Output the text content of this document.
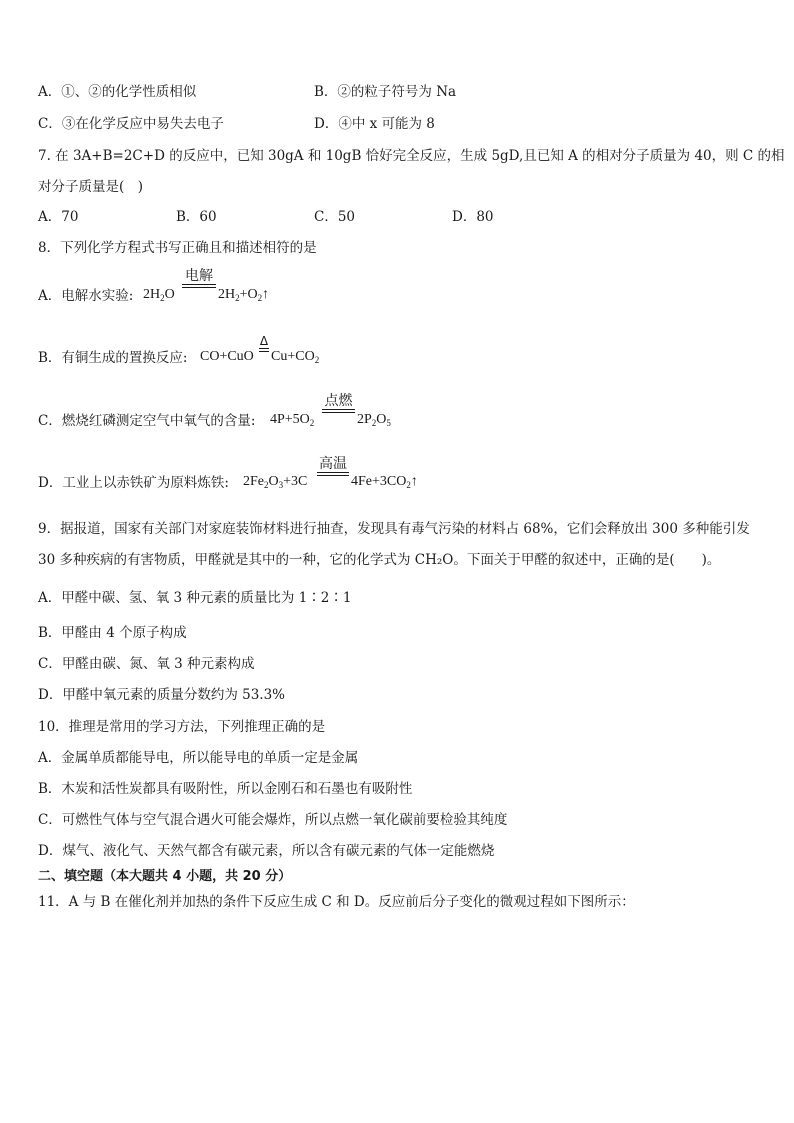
A．①、②的化学性质相似	B．②的粒子符号为 Na
C．③在化学反应中易失去电子	D．④中 x 可能为 8
7. 在 3A+B=2C+D 的反应中，已知 30gA 和 10gB 恰好完全反应，生成 5gD,且已知 A 的相对分子质量为 40，则 C 的相
对分子质量是(　)
A．70	B．60	C．50	D．80
8．下列化学方程式书写正确且和描述相符的是
A．电解水实验: $2H_2O$
电解
$2H_2+O_2↑$
B．有铜生成的置换反应: CO+CuO
Δ
$Cu+CO_2$
C．燃烧红磷测定空气中氧气的含量: $4P+5O_2$
点燃
$2P_2O_5$
D．工业上以赤铁矿为原料炼铁: $2Fe_2O_3+3C$
高温
$4Fe+3CO_2↑$
9．据报道，国家有关部门对家庭装饰材料进行抽查，发现具有毒气污染的材料占 68%，它们会释放出 300 多种能引发
30 多种疾病的有害物质，甲醛就是其中的一种，它的化学式为 CH₂O。下面关于甲醛的叙述中，正确的是(　　)。
A．甲醛中碳、氢、氧 3 种元素的质量比为 1∶2∶1
B．甲醛由 4 个原子构成
C．甲醛由碳、氮、氧 3 种元素构成
D．甲醛中氧元素的质量分数约为 53.3%
10．推理是常用的学习方法，下列推理正确的是
A．金属单质都能导电，所以能导电的单质一定是金属
B．木炭和活性炭都具有吸附性，所以金刚石和石墨也有吸附性
C．可燃性气体与空气混合遇火可能会爆炸，所以点燃一氧化碳前要检验其纯度
D．煤气、液化气、天然气都含有碳元素，所以含有碳元素的气体一定能燃烧
二、填空题（本大题共 4 小题，共 20 分）
11．A 与 B 在催化剂并加热的条件下反应生成 C 和 D。反应前后分子变化的微观过程如下图所示：
